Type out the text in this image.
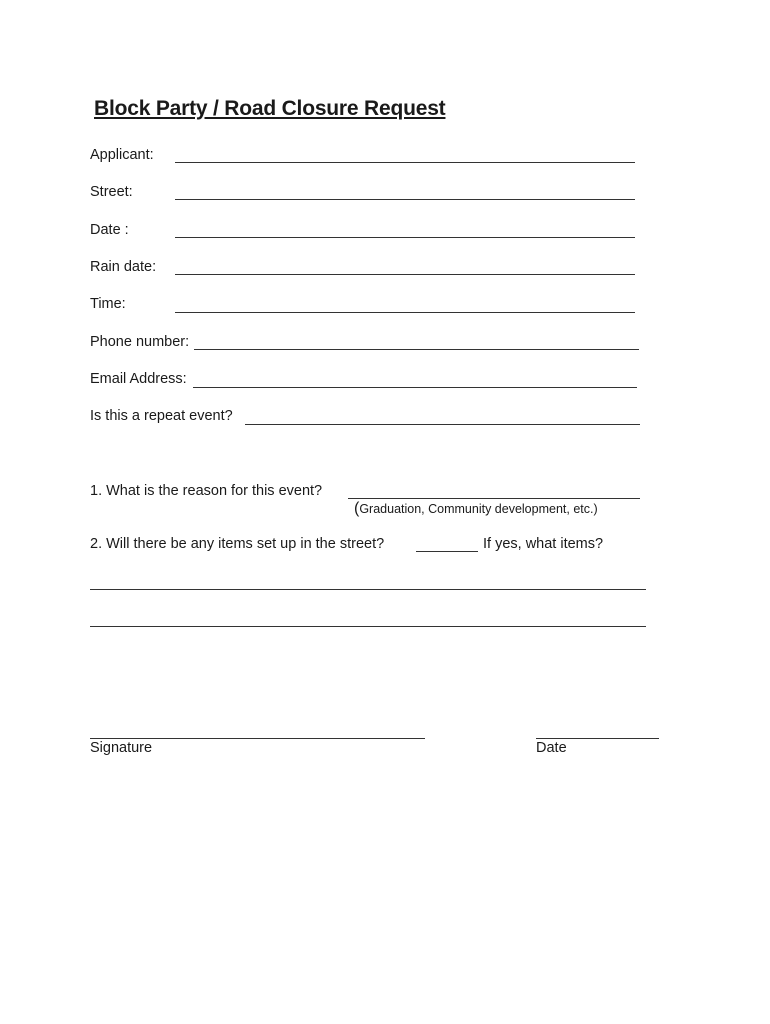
Block Party / Road Closure Request
Applicant:
Street:
Date :
Rain date:
Time:
Phone number:
Email Address:
Is this a repeat event?
1. What is the reason for this event?
(Graduation, Community development, etc.)
2. Will there be any items set up in the street?	If yes, what items?
Signature	Date
